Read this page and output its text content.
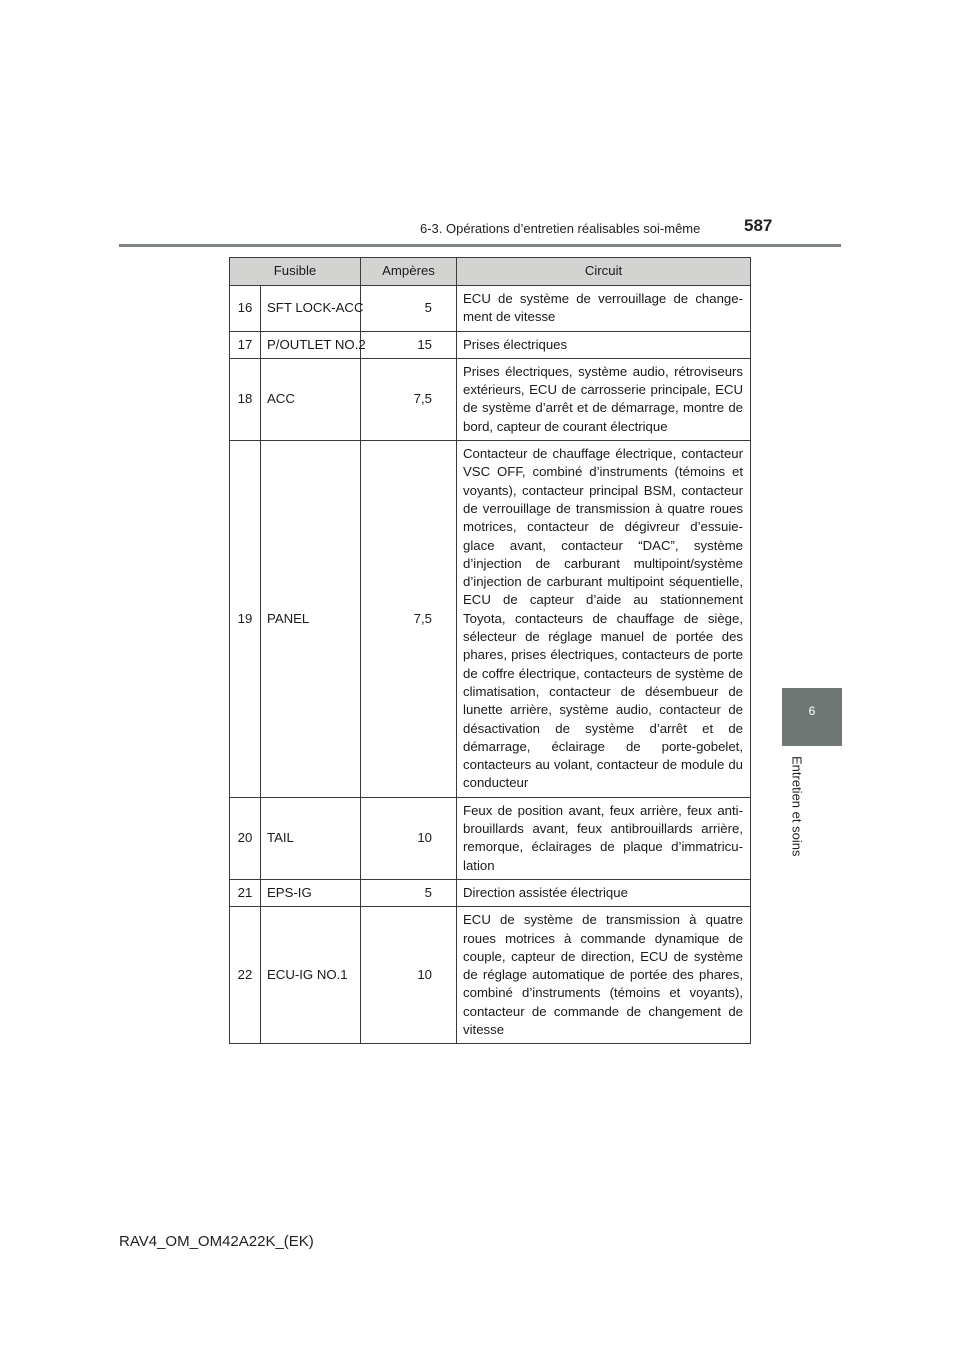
6-3. Opérations d’entretien réalisables soi-même	587
6
Entretien et soins
Fusible		Ampères	Circuit
16	SFT LOCK-ACC	5	ECU de système de verrouillage de changement de vitesse
17	P/OUTLET NO.2	15	Prises électriques
18	ACC	7,5	Prises électriques, système audio, rétroviseurs extérieurs, ECU de carrosserie principale, ECU de système d’arrêt et de démarrage, montre de bord, capteur de courant électrique
19	PANEL	7,5	Contacteur de chauffage électrique, contacteur VSC OFF, combiné d’instruments (témoins et voyants), contacteur principal BSM, contacteur de verrouillage de transmission à quatre roues motrices, contacteur de dégivreur d’essuie-glace avant, contacteur “DAC”, système d’injection de carburant multipoint/système d’injection de carburant multipoint séquentielle, ECU de capteur d’aide au stationnement Toyota, contacteurs de chauffage de siège, sélecteur de réglage manuel de portée des phares, prises électriques, contacteurs de porte de coffre électrique, contacteurs de système de climatisation, contacteur de désembueur de lunette arrière, système audio, contacteur de désactivation de système d’arrêt et de démarrage, éclairage de porte-gobelet, contacteurs au volant, contacteur de module du conducteur
20	TAIL	10	Feux de position avant, feux arrière, feux antibrouillards avant, feux antibrouillards arrière, remorque, éclairages de plaque d’immatriculation
21	EPS-IG	5	Direction assistée électrique
22	ECU-IG NO.1	10	ECU de système de transmission à quatre roues motrices à commande dynamique de couple, capteur de direction, ECU de système de réglage automatique de portée des phares, combiné d’instruments (témoins et voyants), contacteur de commande de changement de vitesse
RAV4_OM_OM42A22K_(EK)
